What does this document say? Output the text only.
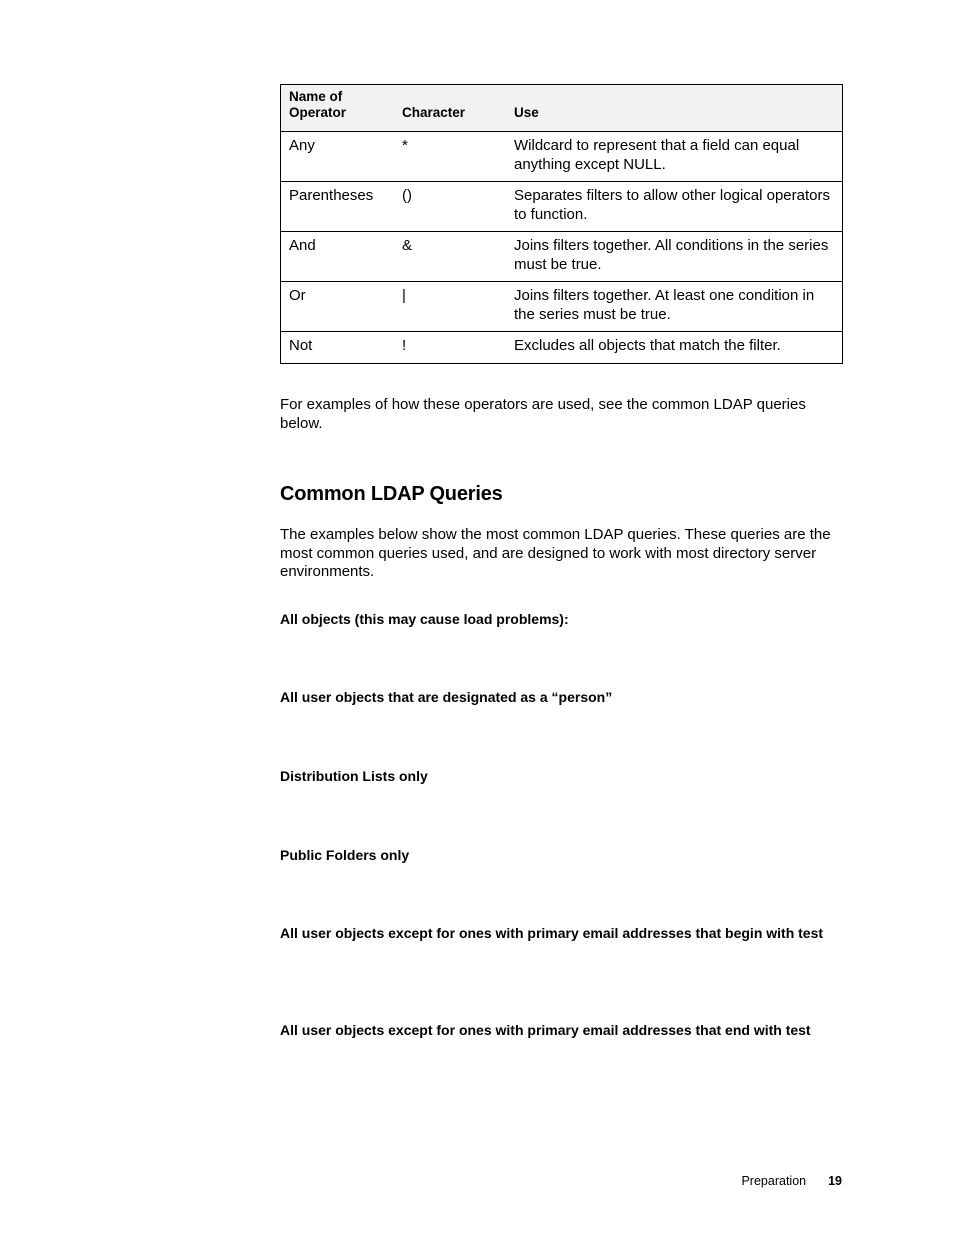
Name of Operator	Character	Use
Any	*	Wildcard to represent that a field can equal anything except NULL.
Parentheses	()	Separates filters to allow other logical operators to function.
And	&	Joins filters together. All conditions in the series must be true.
Or	|	Joins filters together. At least one condition in the series must be true.
Not	!	Excludes all objects that match the filter.

For examples of how these operators are used, see the common LDAP queries below.

Common LDAP Queries

The examples below show the most common LDAP queries. These queries are the most common queries used, and are designed to work with most directory server environments.

All objects (this may cause load problems):

All user objects that are designated as a “person”

Distribution Lists only

Public Folders only

All user objects except for ones with primary email addresses that begin with test

All user objects except for ones with primary email addresses that end with test

Preparation 19
